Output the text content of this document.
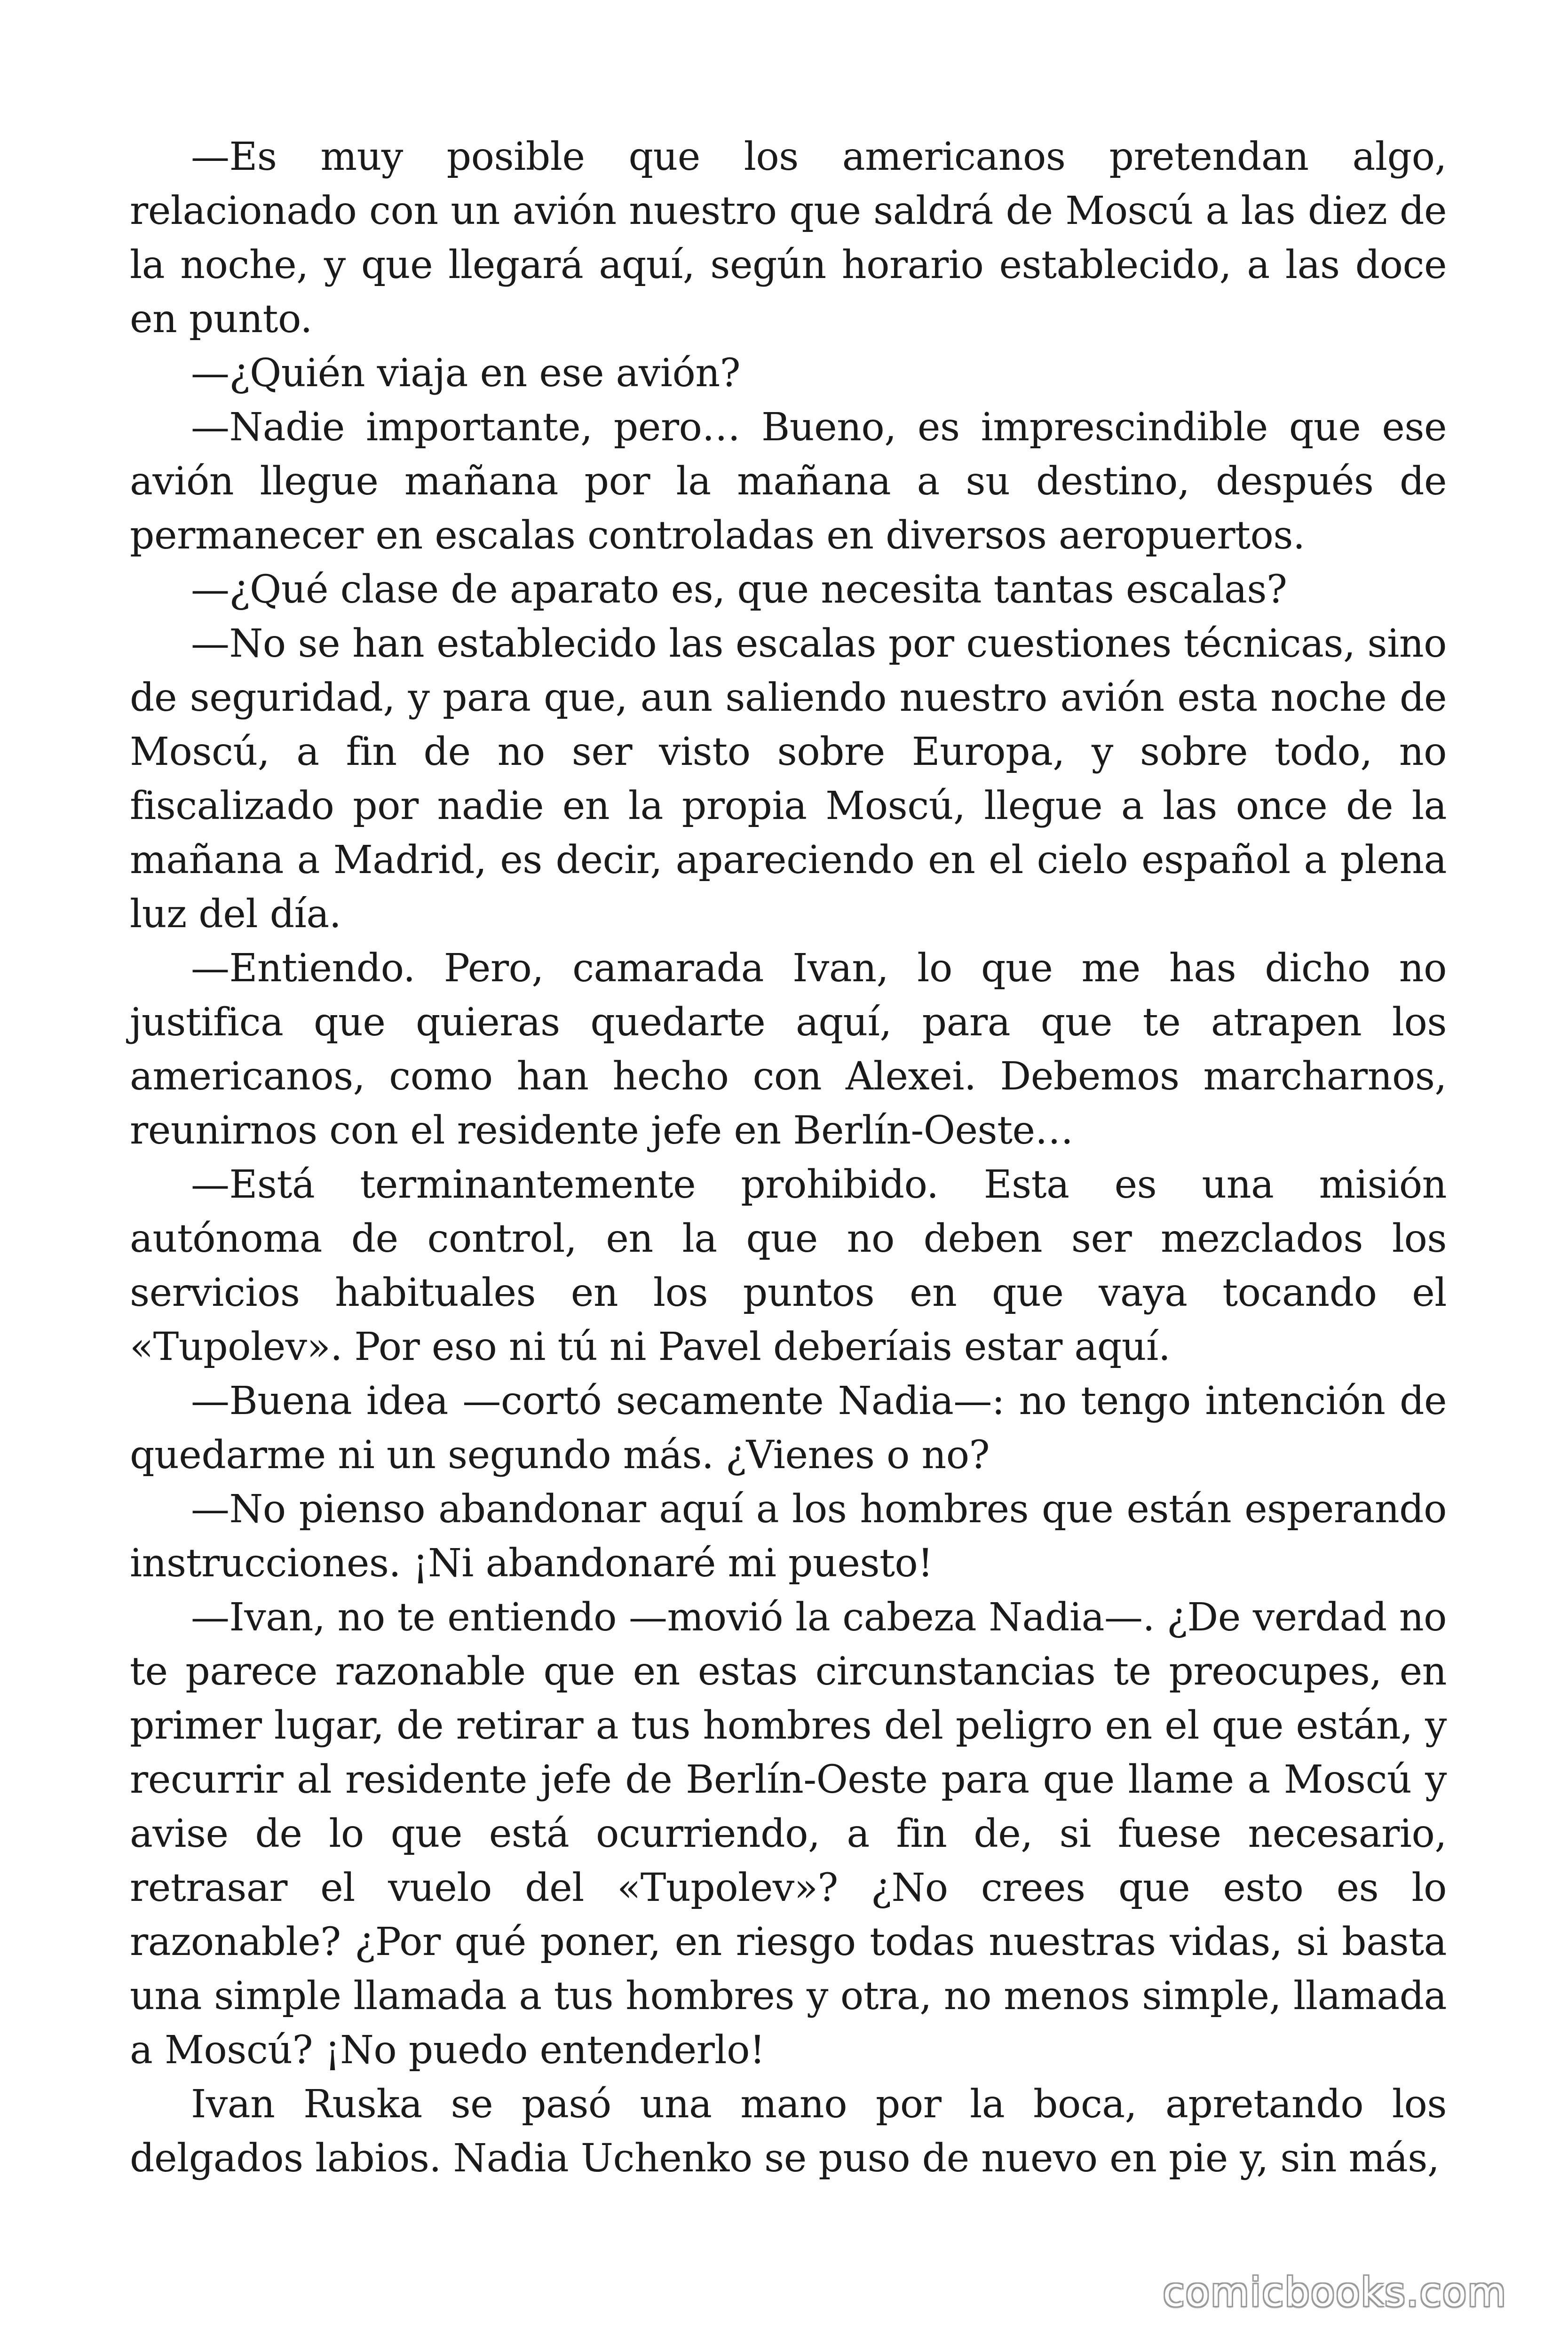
—Es muy posible que los americanos pretendan algo, relacionado con un avión nuestro que saldrá de Moscú a las diez de la noche, y que llegará aquí, según horario establecido, a las doce en punto.

—¿Quién viaja en ese avión?

—Nadie importante, pero… Bueno, es imprescindible que ese avión llegue mañana por la mañana a su destino, después de permanecer en escalas controladas en diversos aeropuertos.

—¿Qué clase de aparato es, que necesita tantas escalas?

—No se han establecido las escalas por cuestiones técnicas, sino de seguridad, y para que, aun saliendo nuestro avión esta noche de Moscú, a fin de no ser visto sobre Europa, y sobre todo, no fiscalizado por nadie en la propia Moscú, llegue a las once de la mañana a Madrid, es decir, apareciendo en el cielo español a plena luz del día.

—Entiendo. Pero, camarada Ivan, lo que me has dicho no justifica que quieras quedarte aquí, para que te atrapen los americanos, como han hecho con Alexei. Debemos marcharnos, reunirnos con el residente jefe en Berlín-Oeste…

—Está terminantemente prohibido. Esta es una misión autónoma de control, en la que no deben ser mezclados los servicios habituales en los puntos en que vaya tocando el «Tupolev». Por eso ni tú ni Pavel deberíais estar aquí.

—Buena idea —cortó secamente Nadia—: no tengo intención de quedarme ni un segundo más. ¿Vienes o no?

—No pienso abandonar aquí a los hombres que están esperando instrucciones. ¡Ni abandonaré mi puesto!

—Ivan, no te entiendo —movió la cabeza Nadia—. ¿De verdad no te parece razonable que en estas circunstancias te preocupes, en primer lugar, de retirar a tus hombres del peligro en el que están, y recurrir al residente jefe de Berlín-Oeste para que llame a Moscú y avise de lo que está ocurriendo, a fin de, si fuese necesario, retrasar el vuelo del «Tupolev»? ¿No crees que esto es lo razonable? ¿Por qué poner, en riesgo todas nuestras vidas, si basta una simple llamada a tus hombres y otra, no menos simple, llamada a Moscú? ¡No puedo entenderlo!

Ivan Ruska se pasó una mano por la boca, apretando los delgados labios. Nadia Uchenko se puso de nuevo en pie y, sin más,

comicbooks.com
